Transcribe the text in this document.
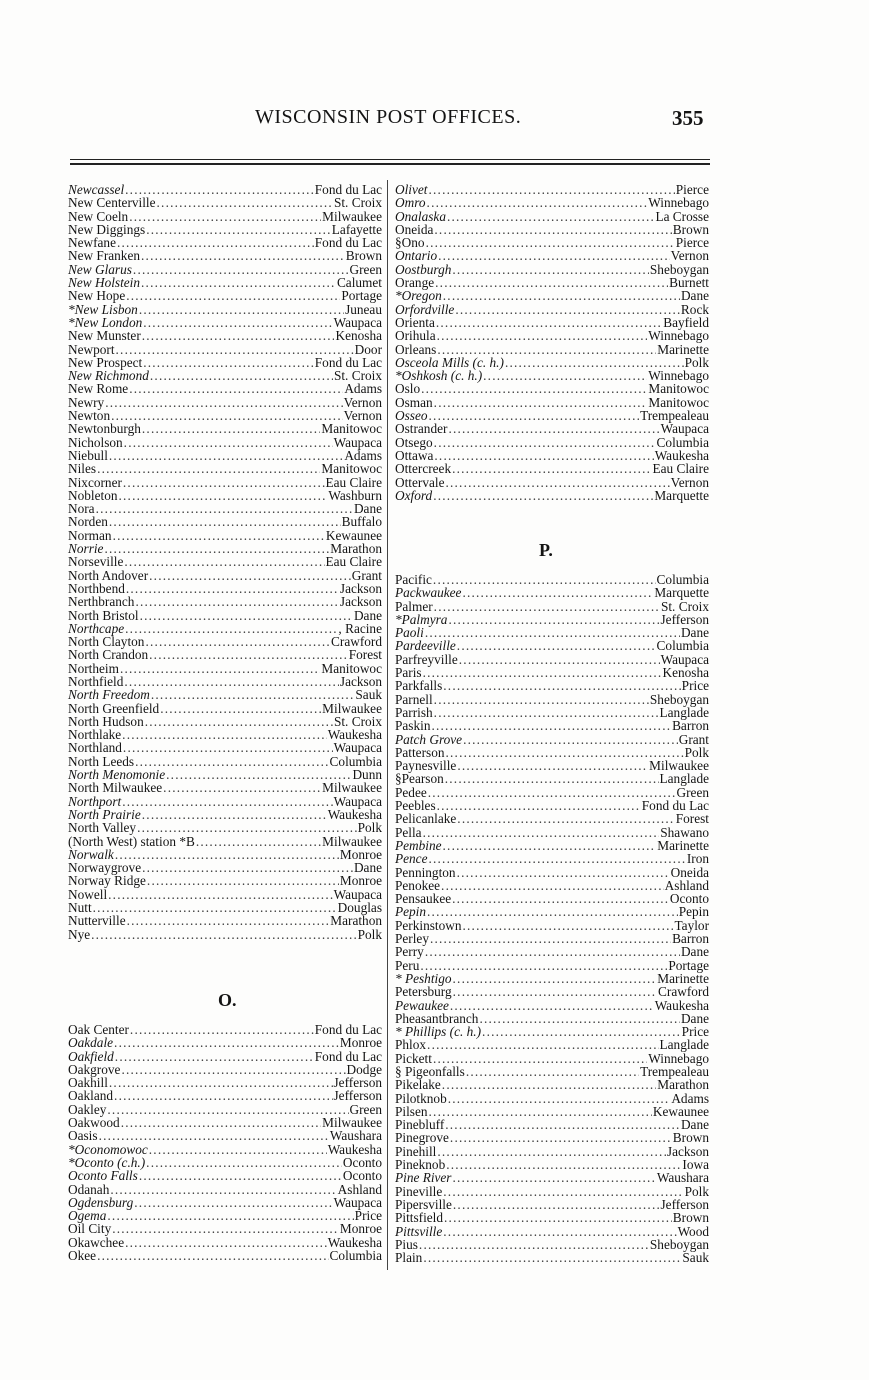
WISCONSIN POST OFFICES.	355
Newcassel .....	Fond du Lac
New Centerville .....	St. Croix
New Coeln .....	Milwaukee
New Diggings .....	Lafayette
Newfane .....	Fond du Lac
New Franken .....	Brown
New Glarus .....	Green
New Holstein .....	Calumet
New Hope .....	Portage
*New Lisbon .....	Juneau
*New London .....	Waupaca
New Munster .....	Kenosha
Newport .....	Door
New Prospect .....	Fond du Lac
New Richmond .....	St. Croix
New Rome .....	Adams
Newry .....	Vernon
Newton .....	Vernon
Newtonburgh .....	Manitowoc
Nicholson .....	Waupaca
Niebull .....	Adams
Niles .....	Manitowoc
Nixcorner .....	Eau Claire
Nobleton .....	Washburn
Nora .....	Dane
Norden .....	Buffalo
Norman .....	Kewaunee
Norrie .....	Marathon
Norseville .....	Eau Claire
North Andover .....	Grant
Northbend .....	Jackson
Nerthbranch .....	Jackson
North Bristol .....	Dane
Northcape .....	, Racine
North Clayton .....	Crawford
North Crandon .....	Forest
Northeim .....	Manitowoc
Northfield .....	Jackson
North Freedom .....	Sauk
North Greenfield .....	Milwaukee
North Hudson .....	St. Croix
Northlake .....	Waukesha
Northland .....	Waupaca
North Leeds .....	Columbia
North Menomonie .....	Dunn
North Milwaukee .....	Milwaukee
Northport .....	Waupaca
North Prairie .....	Waukesha
North Valley .....	Polk
(North West) station *B .....	Milwaukee
Norwalk .....	Monroe
Norwaygrove .....	Dane
Norway Ridge .....	Monroe
Nowell .....	Waupaca
Nutt .....	Douglas
Nutterville .....	Marathon
Nye .....	Polk
O.
Oak Center .....	Fond du Lac
Oakdale .....	Monroe
Oakfield .....	Fond du Lac
Oakgrove .....	Dodge
Oakhill .....	Jefferson
Oakland .....	Jefferson
Oakley .....	Green
Oakwood .....	Milwaukee
Oasis .....	Waushara
*Oconomowoc .....	Waukesha
*Oconto (c.h.) .....	Oconto
Oconto Falls .....	Oconto
Odanah .....	Ashland
Ogdensburg .....	Waupaca
Ogema .....	Price
Oil City .....	Monroe
Okawchee .....	Waukesha
Okee .....	Columbia
Olivet .....	Pierce
Omro .....	Winnebago
Onalaska .....	La Crosse
Oneida .....	Brown
§Ono .....	Pierce
Ontario .....	Vernon
Oostburgh .....	Sheboygan
Orange .....	Burnett
*Oregon .....	Dane
Orfordville .....	Rock
Orienta .....	Bayfield
Orihula .....	Winnebago
Orleans .....	Marinette
Osceola Mills (c. h.) .....	Polk
*Oshkosh (c. h.) .....	Winnebago
Oslo .....	Manitowoc
Osman .....	Manitowoc
Osseo .....	Trempealeau
Ostrander .....	Waupaca
Otsego .....	Columbia
Ottawa .....	Waukesha
Ottercreek .....	Eau Claire
Ottervale .....	Vernon
Oxford .....	Marquette
P.
Pacific .....	Columbia
Packwaukee .....	Marquette
Palmer .....	St. Croix
*Palmyra .....	Jefferson
Paoli .....	Dane
Pardeeville .....	Columbia
Parfreyville .....	Waupaca
Paris .....	Kenosha
Parkfalls .....	Price
Parnell .....	Sheboygan
Parrish .....	Langlade
Paskin .....	Barron
Patch Grove .....	Grant
Patterson .....	Polk
Paynesville .....	Milwaukee
§Pearson .....	Langlade
Pedee .....	Green
Peebles .....	Fond du Lac
Pelicanlake .....	Forest
Pella .....	Shawano
Pembine .....	Marinette
Pence .....	Iron
Pennington .....	Oneida
Penokee .....	Ashland
Pensaukee .....	Oconto
Pepin .....	Pepin
Perkinstown .....	Taylor
Perley .....	Barron
Perry .....	Dane
Peru .....	Portage
* Peshtigo .....	Marinette
Petersburg .....	Crawford
Pewaukee .....	Waukesha
Pheasantbranch .....	Dane
* Phillips (c. h.) .....	Price
Phlox .....	Langlade
Pickett .....	Winnebago
§ Pigeonfalls .....	Trempealeau
Pikelake .....	Marathon
Pilotknob .....	Adams
Pilsen .....	Kewaunee
Pinebluff .....	Dane
Pinegrove .....	Brown
Pinehill .....	Jackson
Pineknob .....	Iowa
Pine River .....	Waushara
Pineville .....	Polk
Pipersville .....	Jefferson
Pittsfield .....	Brown
Pittsville .....	Wood
Pius .....	Sheboygan
Plain .....	Sauk
